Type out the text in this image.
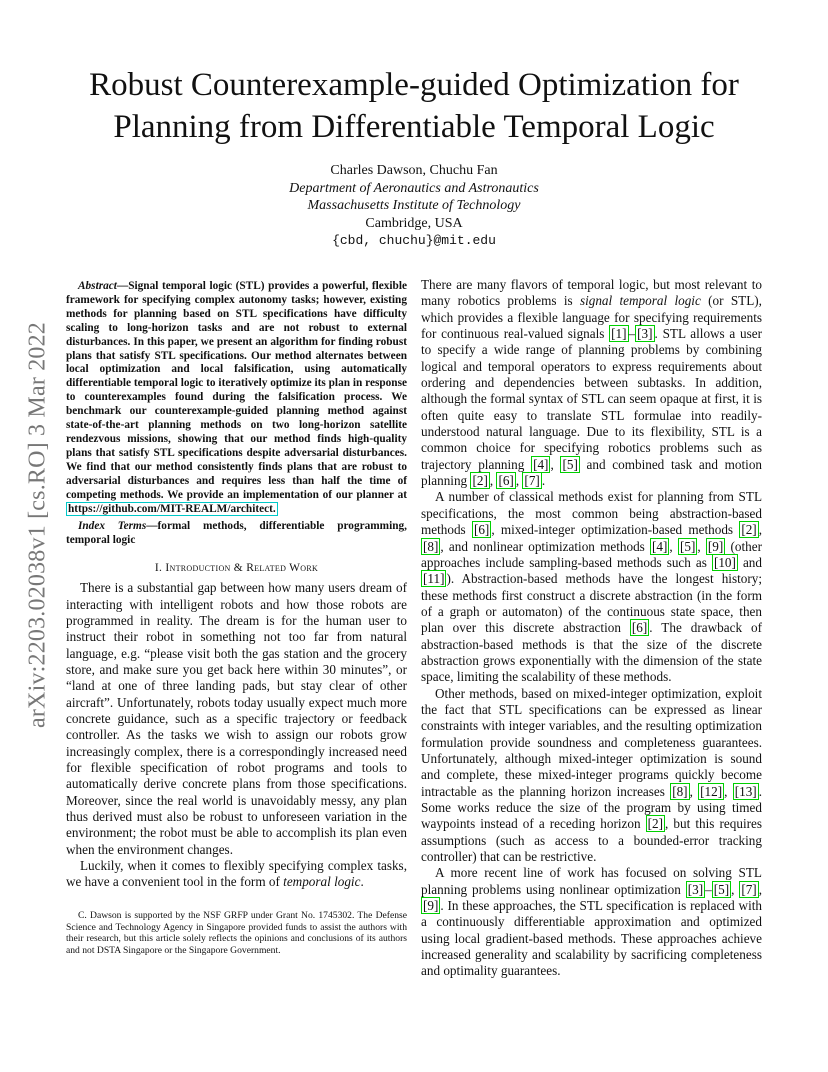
arXiv:2203.02038v1 [cs.RO] 3 Mar 2022
Robust Counterexample-guided Optimization for
Planning from Differentiable Temporal Logic
Charles Dawson, Chuchu Fan
Department of Aeronautics and Astronautics
Massachusetts Institute of Technology
Cambridge, USA
{cbd, chuchu}@mit.edu

Abstract—Signal temporal logic (STL) provides a powerful, flexible framework for specifying complex autonomy tasks; however, existing methods for planning based on STL specifications have difficulty scaling to long-horizon tasks and are not robust to external disturbances. In this paper, we present an algorithm for finding robust plans that satisfy STL specifications. Our method alternates between local optimization and local falsification, using automatically differentiable temporal logic to iteratively optimize its plan in response to counterexamples found during the falsification process. We benchmark our counterexample-guided planning method against state-of-the-art planning methods on two long-horizon satellite rendezvous missions, showing that our method finds high-quality plans that satisfy STL specifications despite adversarial disturbances. We find that our method consistently finds plans that are robust to adversarial disturbances and requires less than half the time of competing methods. We provide an implementation of our planner at https://github.com/MIT-REALM/architect.

Index Terms—formal methods, differentiable programming, temporal logic

I. Introduction & Related Work

There is a substantial gap between how many users dream of interacting with intelligent robots and how those robots are programmed in reality. The dream is for the human user to instruct their robot in something not too far from natural language, e.g. “please visit both the gas station and the grocery store, and make sure you get back here within 30 minutes”, or “land at one of three landing pads, but stay clear of other aircraft”. Unfortunately, robots today usually expect much more concrete guidance, such as a specific trajectory or feedback controller. As the tasks we wish to assign our robots grow increasingly complex, there is a correspondingly increased need for flexible specification of robot programs and tools to automatically derive concrete plans from those specifications. Moreover, since the real world is unavoidably messy, any plan thus derived must also be robust to unforeseen variation in the environment; the robot must be able to accomplish its plan even when the environment changes.

Luckily, when it comes to flexibly specifying complex tasks, we have a convenient tool in the form of temporal logic.

C. Dawson is supported by the NSF GRFP under Grant No. 1745302. The Defense Science and Technology Agency in Singapore provided funds to assist the authors with their research, but this article solely reflects the opinions and conclusions of its authors and not DSTA Singapore or the Singapore Government.

There are many flavors of temporal logic, but most relevant to many robotics problems is signal temporal logic (or STL), which provides a flexible language for specifying requirements for continuous real-valued signals [1] – [3] . STL allows a user to specify a wide range of planning problems by combining logical and temporal operators to express requirements about ordering and dependencies between subtasks. In addition, although the formal syntax of STL can seem opaque at first, it is often quite easy to translate STL formulae into readily-understood natural language. Due to its flexibility, STL is a common choice for specifying robotics problems such as trajectory planning [4] , [5] and combined task and motion planning [2] , [6] , [7] .

A number of classical methods exist for planning from STL specifications, the most common being abstraction-based methods [6] , mixed-integer optimization-based methods [2] , [8] , and nonlinear optimization methods [4] , [5] , [9] (other approaches include sampling-based methods such as [10] and [11] ). Abstraction-based methods have the longest history; these methods first construct a discrete abstraction (in the form of a graph or automaton) of the continuous state space, then plan over this discrete abstraction [6] . The drawback of abstraction-based methods is that the size of the discrete abstraction grows exponentially with the dimension of the state space, limiting the scalability of these methods.

Other methods, based on mixed-integer optimization, exploit the fact that STL specifications can be expressed as linear constraints with integer variables, and the resulting optimization formulation provide soundness and completeness guarantees. Unfortunately, although mixed-integer optimization is sound and complete, these mixed-integer programs quickly become intractable as the planning horizon increases [8] , [12] , [13] . Some works reduce the size of the program by using timed waypoints instead of a receding horizon [2] , but this requires assumptions (such as access to a bounded-error tracking controller) that can be restrictive.

A more recent line of work has focused on solving STL planning problems using nonlinear optimization [3] – [5] , [7] , [9] . In these approaches, the STL specification is replaced with a continuously differentiable approximation and optimized using local gradient-based methods. These approaches achieve increased generality and scalability by sacrificing completeness and optimality guarantees.
